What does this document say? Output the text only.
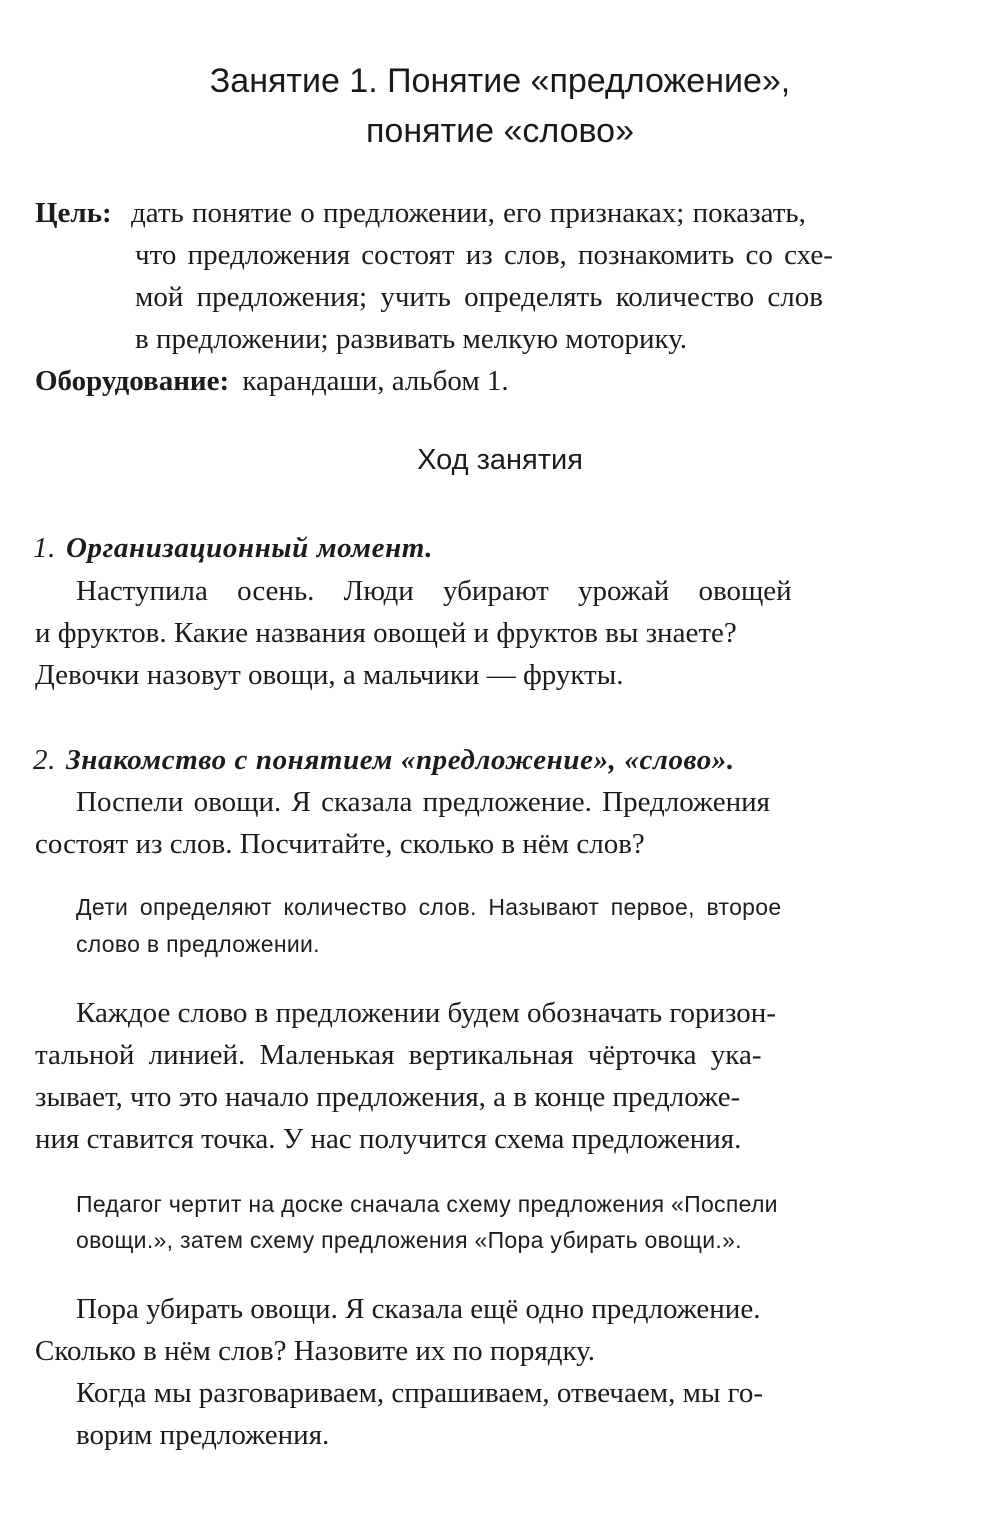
Занятие 1. Понятие «предложение»,
понятие «слово»
Цель: дать понятие о предложении, его признаках; показать,
что предложения состоят из слов, познакомить со схе-
мой предложения; учить определять количество слов
в предложении; развивать мелкую моторику.
Оборудование: карандаши, альбом 1.
Ход занятия
1. Организационный момент.
Наступила осень. Люди убирают урожай овощей
и фруктов. Какие названия овощей и фруктов вы знаете?
Девочки назовут овощи, а мальчики — фрукты.
2. Знакомство с понятием «предложение», «слово».
Поспели овощи. Я сказала предложение. Предложения
состоят из слов. Посчитайте, сколько в нём слов?
Дети определяют количество слов. Называют первое, второе
слово в предложении.
Каждое слово в предложении будем обозначать горизон-
тальной линией. Маленькая вертикальная чёрточка ука-
зывает, что это начало предложения, а в конце предложе-
ния ставится точка. У нас получится схема предложения.
Педагог чертит на доске сначала схему предложения «Поспели
овощи.», затем схему предложения «Пора убирать овощи.».
Пора убирать овощи. Я сказала ещё одно предложение.
Сколько в нём слов? Назовите их по порядку.
Когда мы разговариваем, спрашиваем, отвечаем, мы го-
ворим предложения.
